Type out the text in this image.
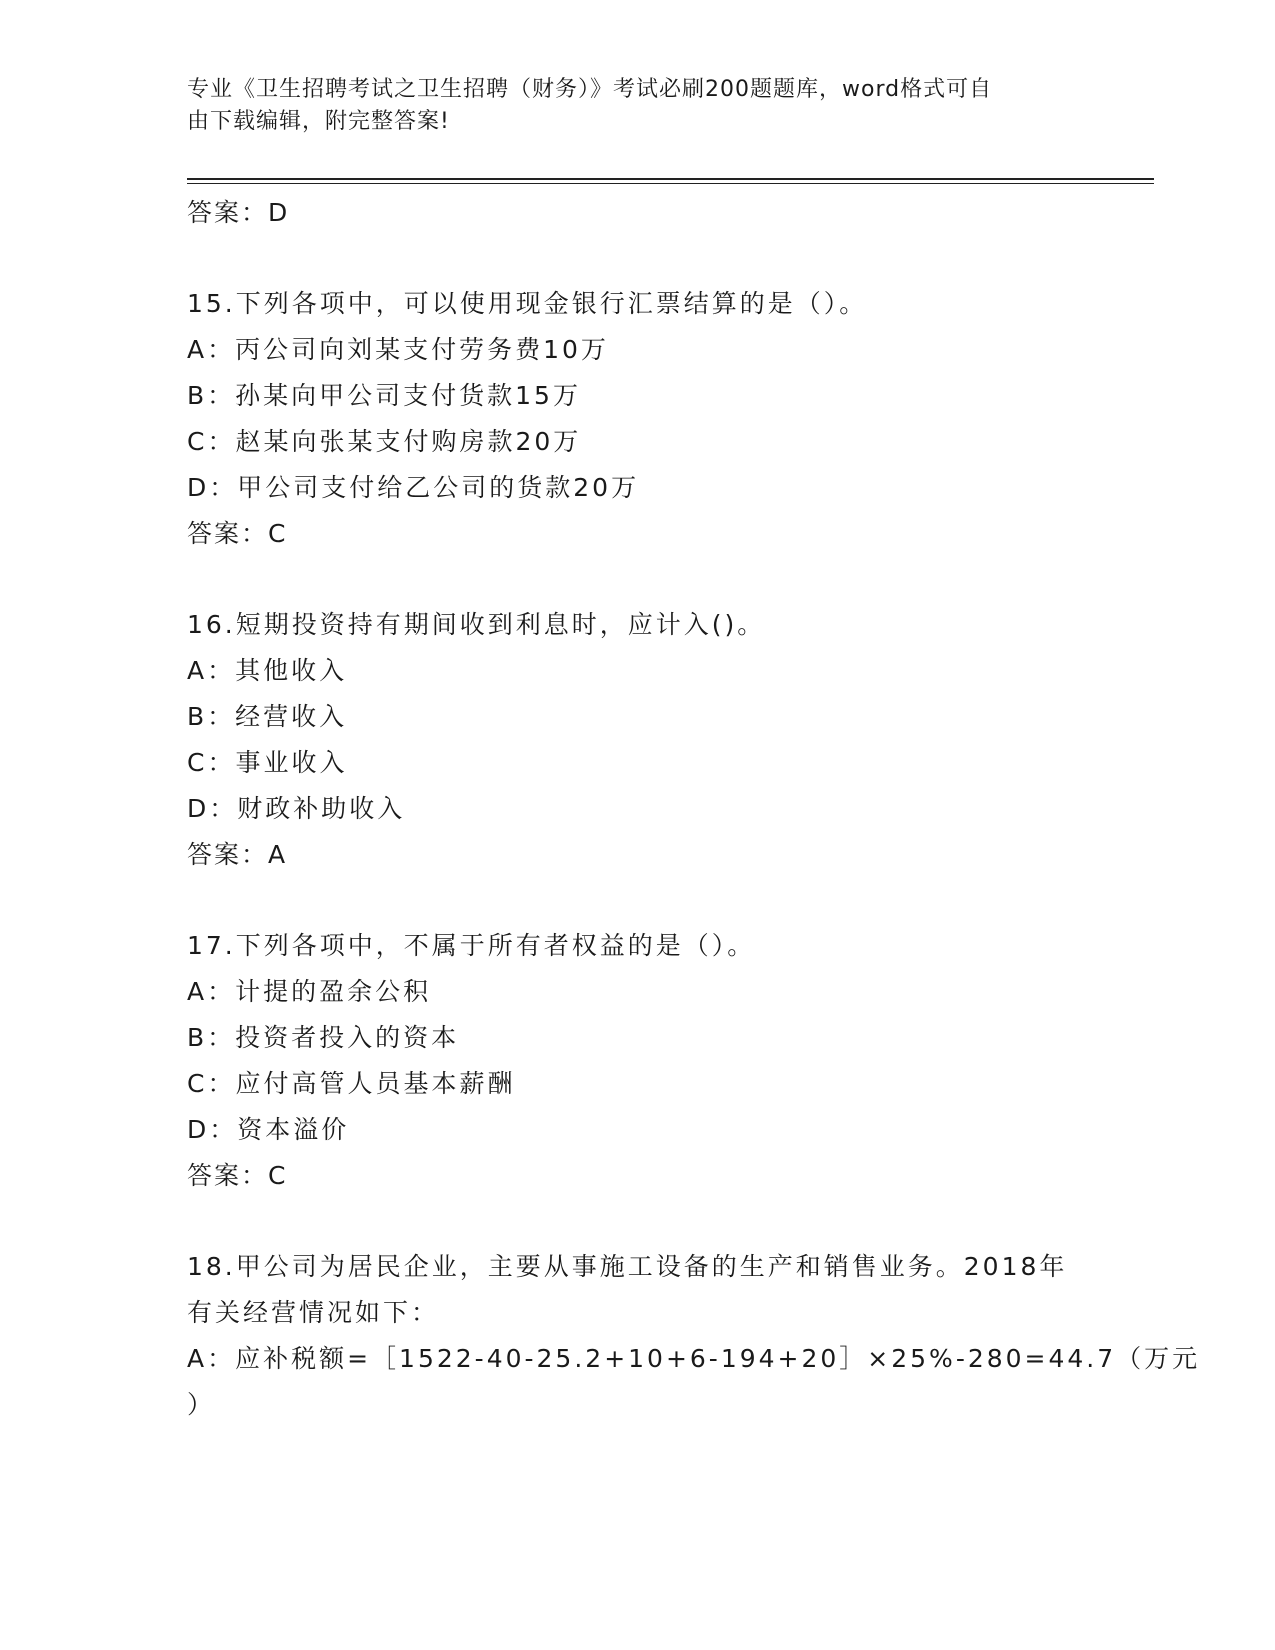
专业《卫生招聘考试之卫生招聘（财务）》考试必刷200题题库，word格式可自
由下载编辑，附完整答案!
答案：D
15.下列各项中，可以使用现金银行汇票结算的是（）。
A：丙公司向刘某支付劳务费10万
B：孙某向甲公司支付货款15万
C：赵某向张某支付购房款20万
D：甲公司支付给乙公司的货款20万
答案：C
16.短期投资持有期间收到利息时，应计入()。
A：其他收入
B：经营收入
C：事业收入
D：财政补助收入
答案：A
17.下列各项中，不属于所有者权益的是（）。
A：计提的盈余公积
B：投资者投入的资本
C：应付高管人员基本薪酬
D：资本溢价
答案：C
18.甲公司为居民企业，主要从事施工设备的生产和销售业务。2018年
有关经营情况如下：
A：应补税额=［1522-40-25.2+10+6-194+20］×25%-280=44.7（万元
）
